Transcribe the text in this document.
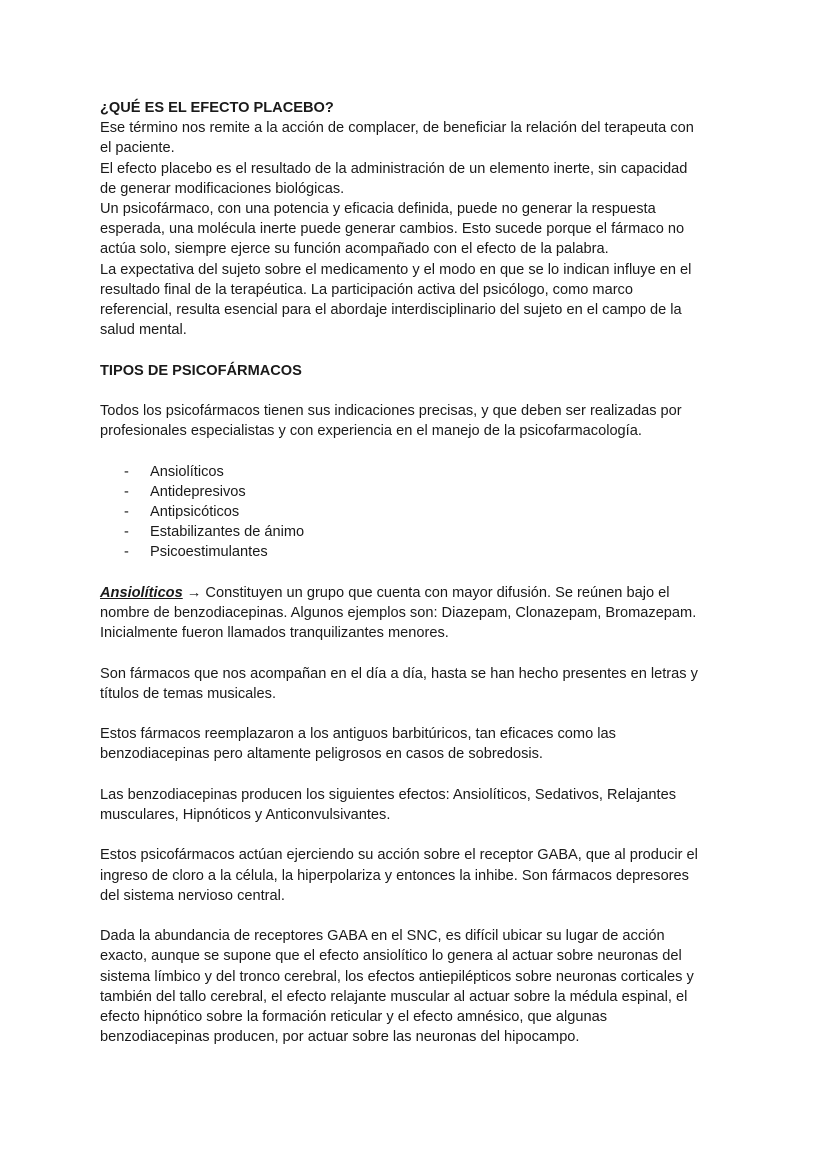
¿QUÉ ES EL EFECTO PLACEBO?
Ese término nos remite a la acción de complacer, de beneficiar la relación del terapeuta con
el paciente.
El efecto placebo es el resultado de la administración de un elemento inerte, sin capacidad
de generar modificaciones biológicas.
Un psicofármaco, con una potencia y eficacia definida, puede no generar la respuesta
esperada, una molécula inerte puede generar cambios. Esto sucede porque el fármaco no
actúa solo, siempre ejerce su función acompañado con el efecto de la palabra.
La expectativa del sujeto sobre el medicamento y el modo en que se lo indican influye en el
resultado final de la terapéutica. La participación activa del psicólogo, como marco
referencial, resulta esencial para el abordaje interdisciplinario del sujeto en el campo de la
salud mental.
TIPOS DE PSICOFÁRMACOS
Todos los psicofármacos tienen sus indicaciones precisas, y que deben ser realizadas por
profesionales especialistas y con experiencia en el manejo de la psicofarmacología.
- Ansiolíticos
- Antidepresivos
- Antipsicóticos
- Estabilizantes de ánimo
- Psicoestimulantes
Ansiolíticos → Constituyen un grupo que cuenta con mayor difusión. Se reúnen bajo el
nombre de benzodiacepinas. Algunos ejemplos son: Diazepam, Clonazepam, Bromazepam.
Inicialmente fueron llamados tranquilizantes menores.
Son fármacos que nos acompañan en el día a día, hasta se han hecho presentes en letras y
títulos de temas musicales.
Estos fármacos reemplazaron a los antiguos barbitúricos, tan eficaces como las
benzodiacepinas pero altamente peligrosos en casos de sobredosis.
Las benzodiacepinas producen los siguientes efectos: Ansiolíticos, Sedativos, Relajantes
musculares, Hipnóticos y Anticonvulsivantes.
Estos psicofármacos actúan ejerciendo su acción sobre el receptor GABA, que al producir el
ingreso de cloro a la célula, la hiperpolariza y entonces la inhibe. Son fármacos depresores
del sistema nervioso central.
Dada la abundancia de receptores GABA en el SNC, es difícil ubicar su lugar de acción
exacto, aunque se supone que el efecto ansiolítico lo genera al actuar sobre neuronas del
sistema límbico y del tronco cerebral, los efectos antiepilépticos sobre neuronas corticales y
también del tallo cerebral, el efecto relajante muscular al actuar sobre la médula espinal, el
efecto hipnótico sobre la formación reticular y el efecto amnésico, que algunas
benzodiacepinas producen, por actuar sobre las neuronas del hipocampo.
